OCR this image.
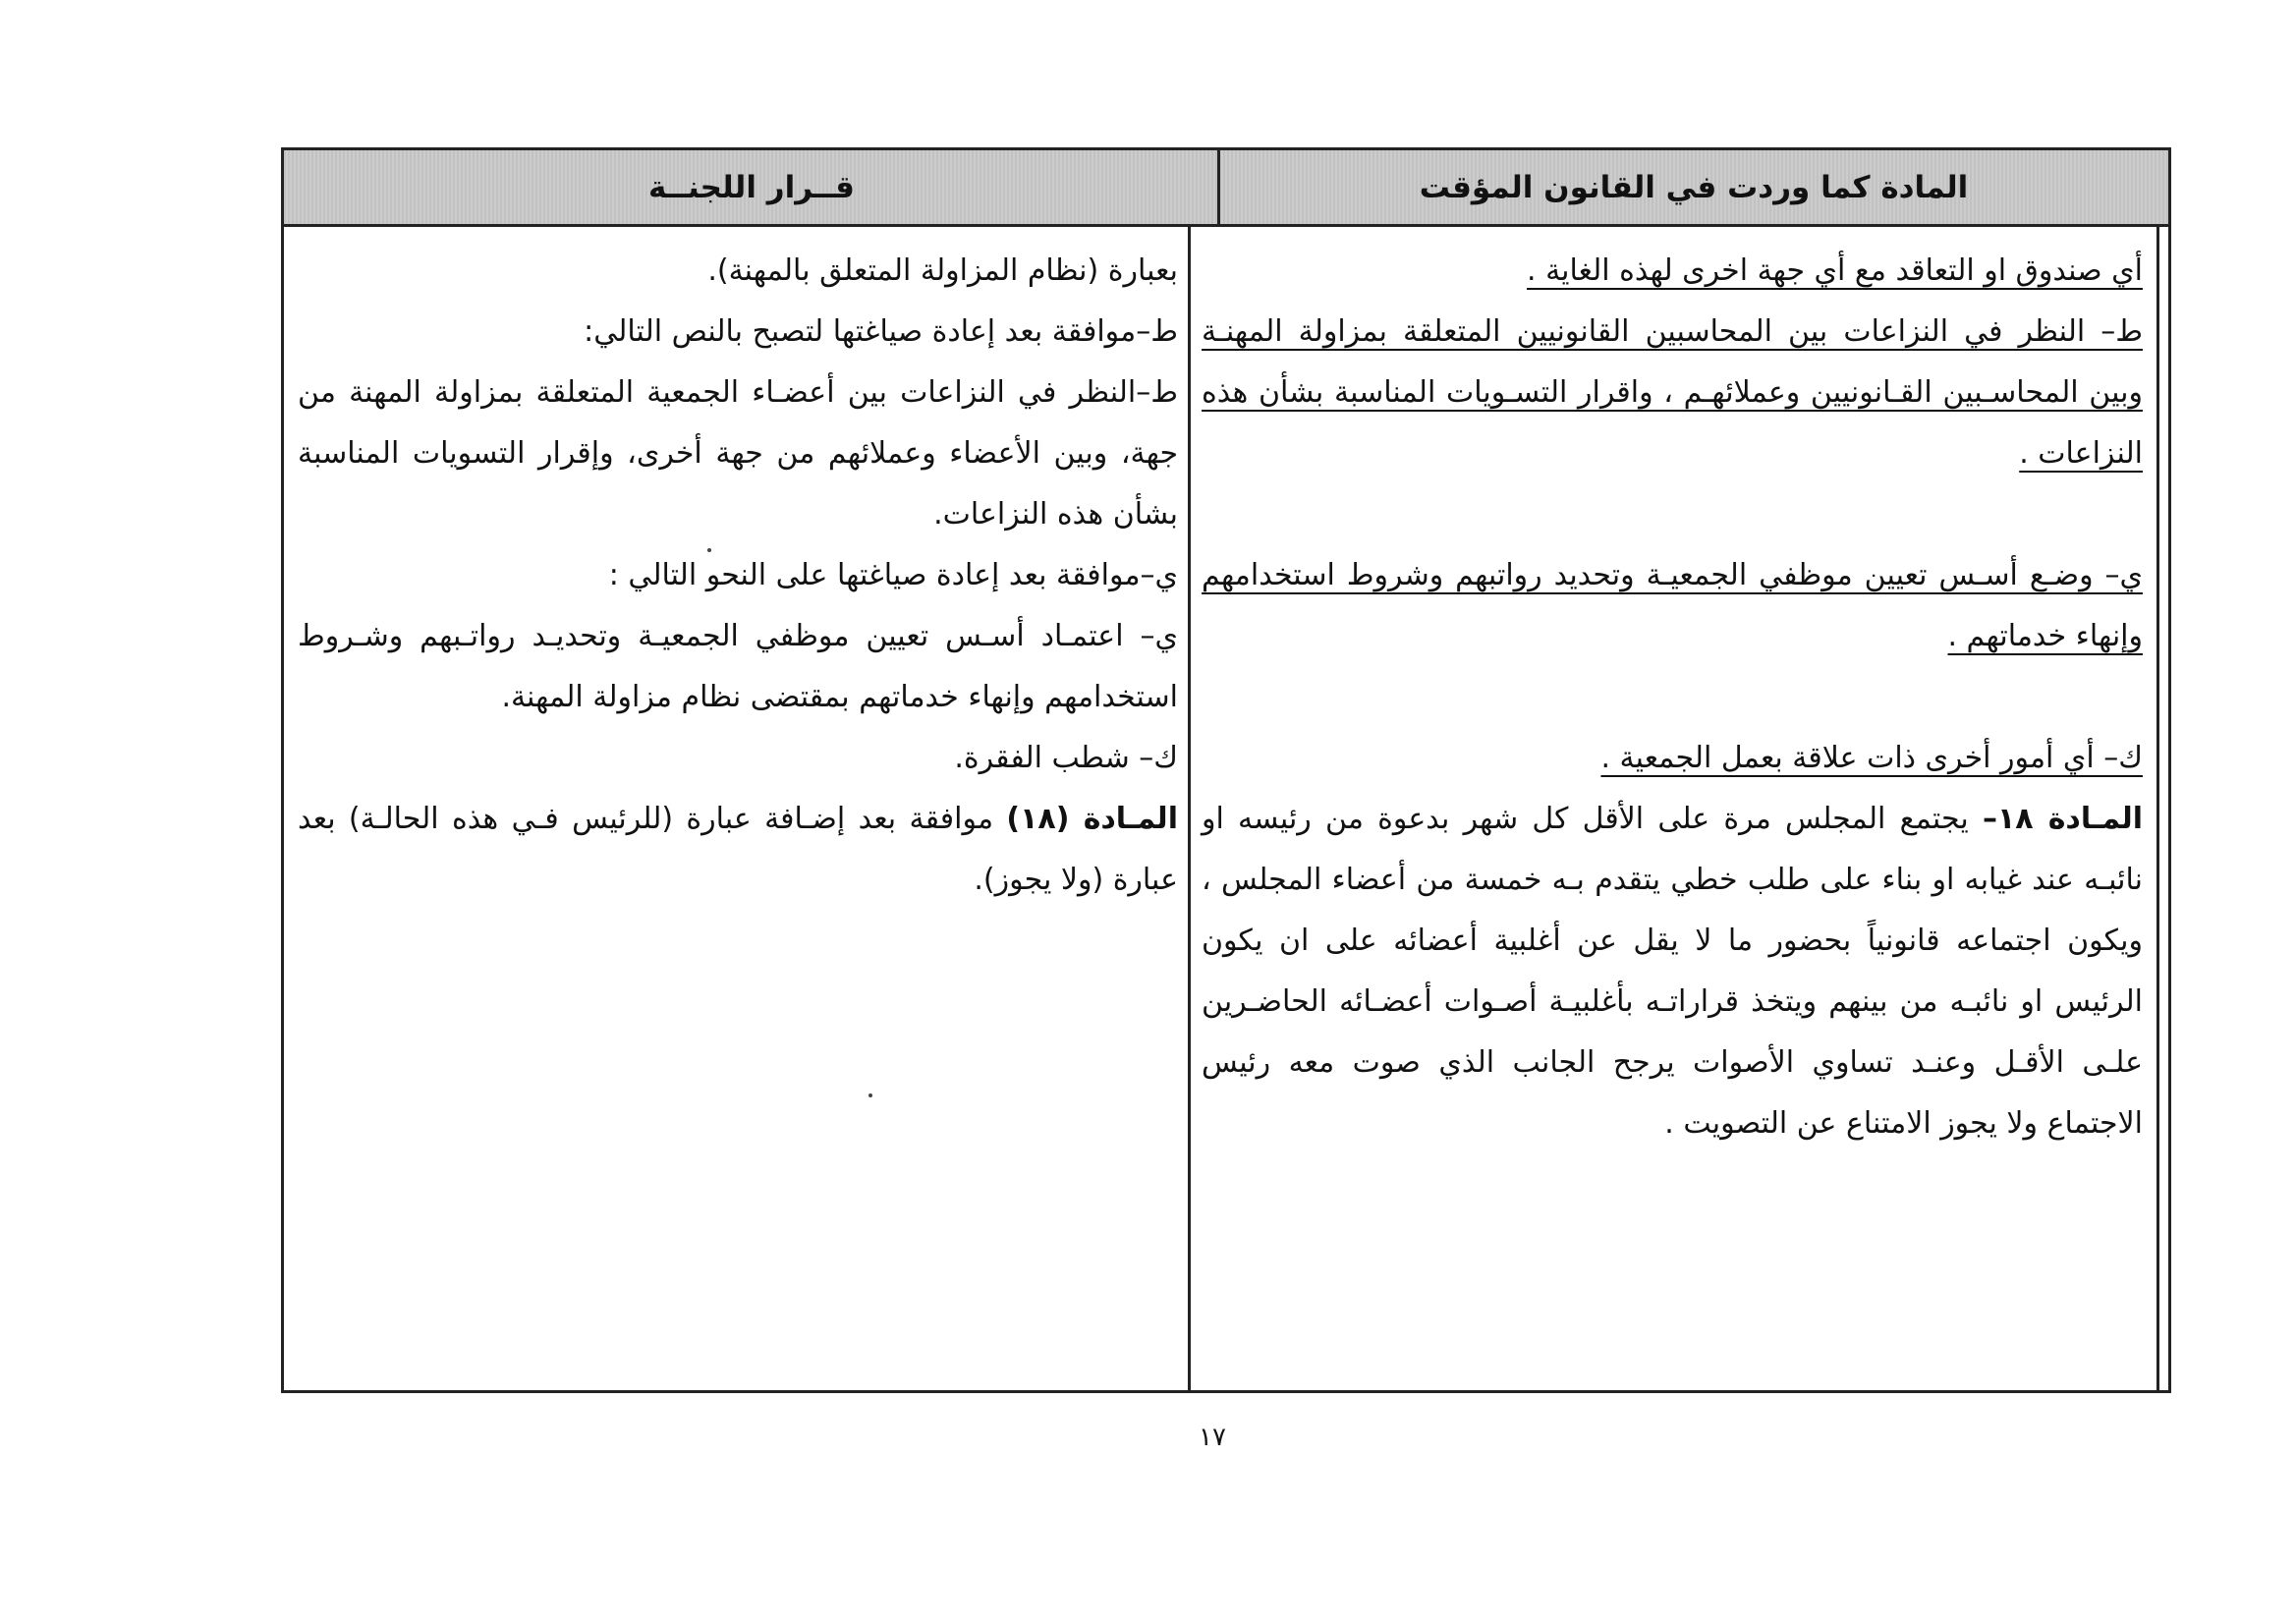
المادة كما وردت في القانون المؤقت
قــرار اللجنــة

أي صندوق او التعاقد مع أي جهة اخرى لهذه الغاية .

ط– النظر في النزاعات بين المحاسبين القانونيين المتعلقة بمزاولة المهنـة وبين المحاسـبين القـانونيين وعملائهـم ، واقرار التسـويات المناسبة بشأن هذه النزاعات .

ي– وضـع أسـس تعيين موظفي الجمعيـة وتحديد رواتبهم وشروط استخدامهم وإنهاء خدماتهم .

ك– أي أمور أخرى ذات علاقة بعمل الجمعية .

المـادة ١٨– يجتمع المجلس مرة على الأقل كل شهر بدعوة من رئيسه او نائبـه عند غيابه او بناء على طلب خطي يتقدم بـه خمسة من أعضاء المجلس ، ويكون اجتماعه قانونياً بحضور ما لا يقل عن أغلبية أعضائه على ان يكون الرئيس او نائبـه من بينهم ويتخذ قراراتـه بأغلبيـة أصـوات أعضـائه الحاضـرين علـى الأقـل وعنـد تساوي الأصوات يرجح الجانب الذي صوت معه رئيس الاجتماع ولا يجوز الامتناع عن التصويت .

بعبارة (نظام المزاولة المتعلق بالمهنة).

ط–موافقة بعد إعادة صياغتها لتصبح بالنص التالي:

ط–النظر في النزاعات بين أعضـاء الجمعية المتعلقة بمزاولة المهنة من جهة، وبين الأعضاء وعملائهم من جهة أخرى، وإقرار التسويات المناسبة بشأن هذه النزاعات.

ي–موافقة بعد إعادة صياغتها على النحو التالي :

ي– اعتمـاد أسـس تعيين موظفي الجمعيـة وتحديـد رواتـبهم وشـروط استخدامهم وإنهاء خدماتهم بمقتضى نظام مزاولة المهنة.

ك– شطب الفقرة.

المـادة (١٨) موافقة بعد إضـافة عبارة (للرئيس فـي هذه الحالـة) بعد عبارة (ولا يجوز).

١٧
